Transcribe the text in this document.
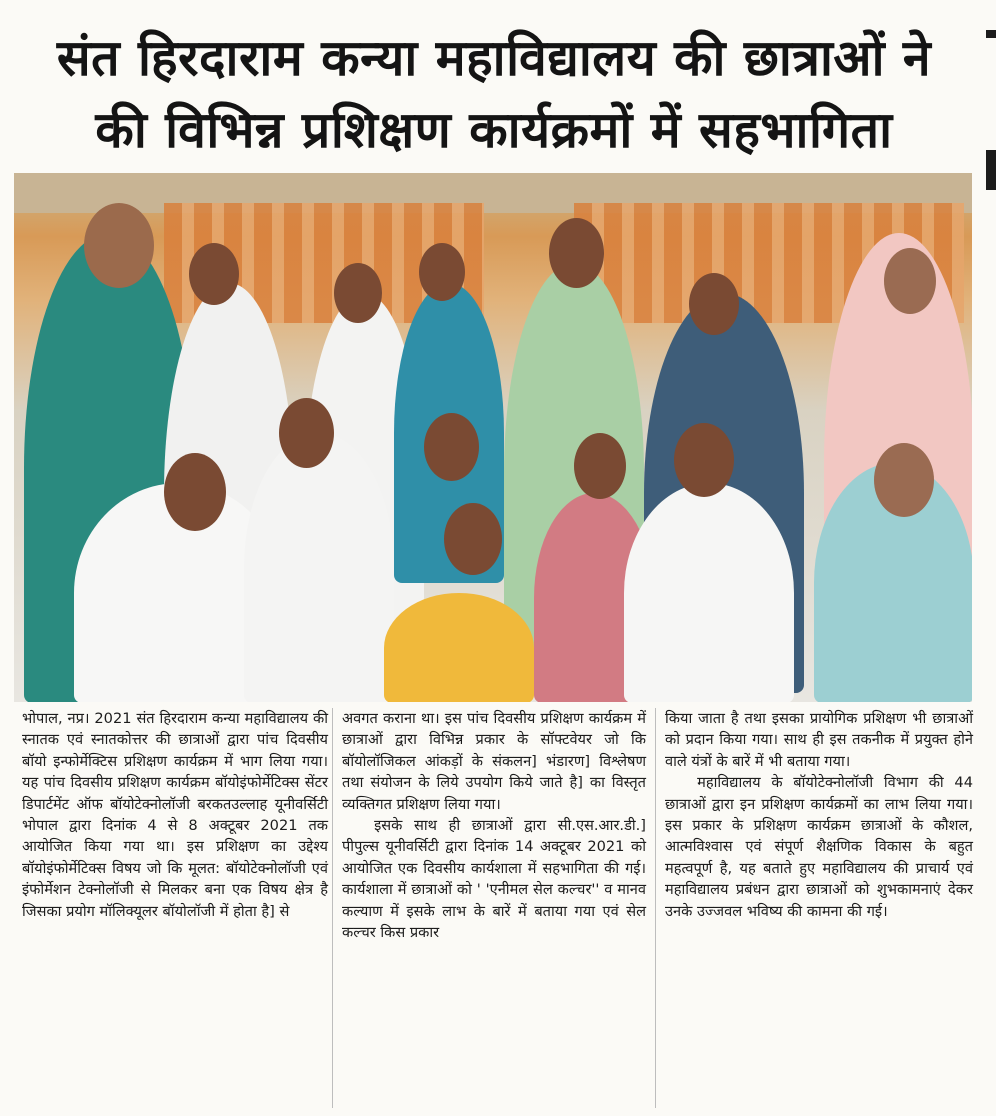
संत हिरदाराम कन्या महाविद्यालय की छात्राओं ने
की विभिन्न प्रशिक्षण कार्यक्रमों में सहभागिता

भोपाल, नप्र। 2021 संत हिरदाराम कन्या महाविद्यालय की स्नातक एवं स्नातकोत्तर की छात्राओं द्वारा पांच दिवसीय बॉयो इन्फोर्मेक्टिस प्रशिक्षण कार्यक्रम में भाग लिया गया। यह पांच दिवसीय प्रशिक्षण कार्यक्रम बॉयोइंफोर्मेटिक्स सेंटर डिपार्टमेंट ऑफ बॉयोटेक्नोलॉजी बरकतउल्लाह यूनीवर्सिटी भोपाल द्वारा दिनांक 4 से 8 अक्टूबर 2021 तक आयोजित किया गया था। इस प्रशिक्षण का उद्देश्य बॉयोइंफोर्मेटिक्स विषय जो कि मूलत: बॉयोटेक्नोलॉजी एवं इंफोर्मेशन टेक्नोलॉजी से मिलकर बना एक विषय क्षेत्र है जिसका प्रयोग मॉलिक्यूलर बॉयोलॉजी में होता है] से

अवगत कराना था। इस पांच दिवसीय प्रशिक्षण कार्यक्रम में छात्राओं द्वारा विभिन्न प्रकार के सॉफ्टवेयर जो कि बॉयोलॉजिकल आंकड़ों के संकलन] भंडारण] विश्लेषण तथा संयोजन के लिये उपयोग किये जाते है] का विस्तृत व्यक्तिगत प्रशिक्षण लिया गया।

इसके साथ ही छात्राओं द्वारा सी.एस.आर.डी.] पीपुल्स यूनीवर्सिटी द्वारा दिनांक 14 अक्टूबर 2021 को आयोजित एक दिवसीय कार्यशाला में सहभागिता की गई। कार्यशाला में छात्राओं को ' 'एनीमल सेल कल्चर'' व मानव कल्याण में इसके लाभ के बारें में बताया गया एवं सेल कल्चर किस प्रकार

किया जाता है तथा इसका प्रायोगिक प्रशिक्षण भी छात्राओं को प्रदान किया गया। साथ ही इस तकनीक में प्रयुक्त होने वाले यंत्रों के बारें में भी बताया गया।

महाविद्यालय के बॉयोटेक्नोलॉजी विभाग की 44 छात्राओं द्वारा इन प्रशिक्षण कार्यक्रमों का लाभ लिया गया। इस प्रकार के प्रशिक्षण कार्यक्रम छात्राओं के कौशल, आत्मविश्वास एवं संपूर्ण शैक्षणिक विकास के बहुत महत्वपूर्ण है, यह बताते हुए महाविद्यालय की प्राचार्य एवं महाविद्यालय प्रबंधन द्वारा छात्राओं को शुभकामनाएं देकर उनके उज्जवल भविष्य की कामना की गई।
